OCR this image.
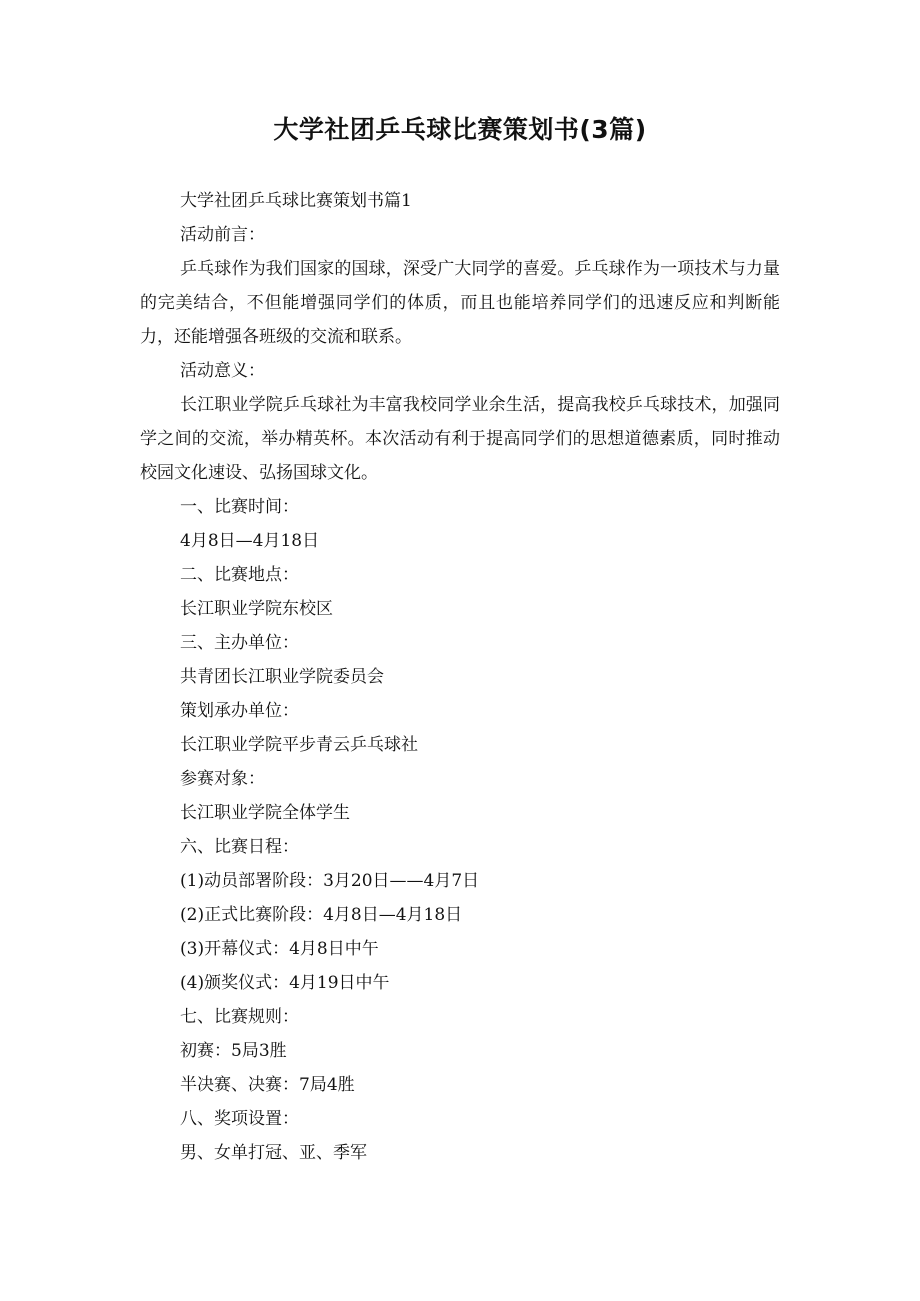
大学社团乒乓球比赛策划书(3篇)

大学社团乒乓球比赛策划书篇1

活动前言：

乒乓球作为我们国家的国球，深受广大同学的喜爱。乒乓球作为一项技术与力量的完美结合，不但能增强同学们的体质，而且也能培养同学们的迅速反应和判断能力，还能增强各班级的交流和联系。

活动意义：

长江职业学院乒乓球社为丰富我校同学业余生活，提高我校乒乓球技术，加强同学之间的交流，举办精英杯。本次活动有利于提高同学们的思想道德素质，同时推动校园文化速设、弘扬国球文化。

一、比赛时间：

4月8日—4月18日

二、比赛地点：

长江职业学院东校区

三、主办单位：

共青团长江职业学院委员会

策划承办单位：

长江职业学院平步青云乒乓球社

参赛对象：

长江职业学院全体学生

六、比赛日程：

(1)动员部署阶段：3月20日——4月7日

(2)正式比赛阶段：4月8日—4月18日

(3)开幕仪式：4月8日中午

(4)颁奖仪式：4月19日中午

七、比赛规则：

初赛：5局3胜

半决赛、决赛：7局4胜

八、奖项设置：

男、女单打冠、亚、季军
